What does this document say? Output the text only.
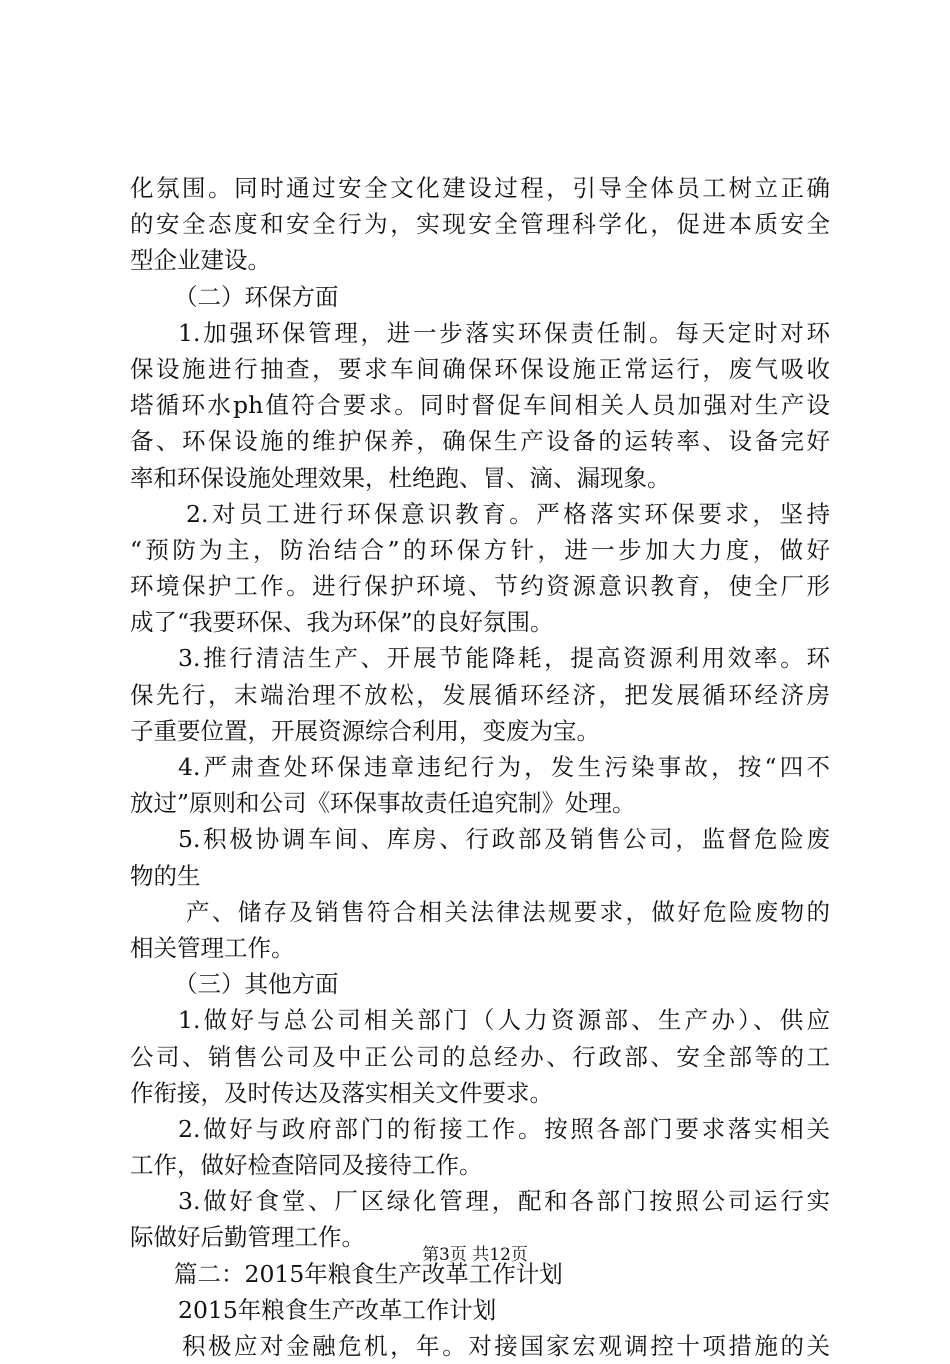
化氛围。同时通过安全文化建设过程，引导全体员工树立正确
的安全态度和安全行为，实现安全管理科学化，促进本质安全
型企业建设。
（二）环保方面
1.加强环保管理，进一步落实环保责任制。每天定时对环
保设施进行抽查，要求车间确保环保设施正常运行，废气吸收
塔循环水ph值符合要求。同时督促车间相关人员加强对生产设
备、环保设施的维护保养，确保生产设备的运转率、设备完好
率和环保设施处理效果，杜绝跑、冒、滴、漏现象。
2.对员工进行环保意识教育。严格落实环保要求，坚持
“预防为主，防治结合”的环保方针，进一步加大力度，做好
环境保护工作。进行保护环境、节约资源意识教育，使全厂形
成了“我要环保、我为环保”的良好氛围。
3.推行清洁生产、开展节能降耗，提高资源利用效率。环
保先行，末端治理不放松，发展循环经济，把发展循环经济房
子重要位置，开展资源综合利用，变废为宝。
4.严肃查处环保违章违纪行为，发生污染事故，按“四不
放过”原则和公司《环保事故责任追究制》处理。
5.积极协调车间、库房、行政部及销售公司，监督危险废
物的生
产、储存及销售符合相关法律法规要求，做好危险废物的
相关管理工作。
（三）其他方面
1.做好与总公司相关部门（人力资源部、生产办）、供应
公司、销售公司及中正公司的总经办、行政部、安全部等的工
作衔接，及时传达及落实相关文件要求。
2.做好与政府部门的衔接工作。按照各部门要求落实相关
工作，做好检查陪同及接待工作。
3.做好食堂、厂区绿化管理，配和各部门按照公司运行实
际做好后勤管理工作。
篇二：2015年粮食生产改革工作计划
2015年粮食生产改革工作计划
积极应对金融危机，年。对接国家宏观调控十项措施的关
第3页 共12页
